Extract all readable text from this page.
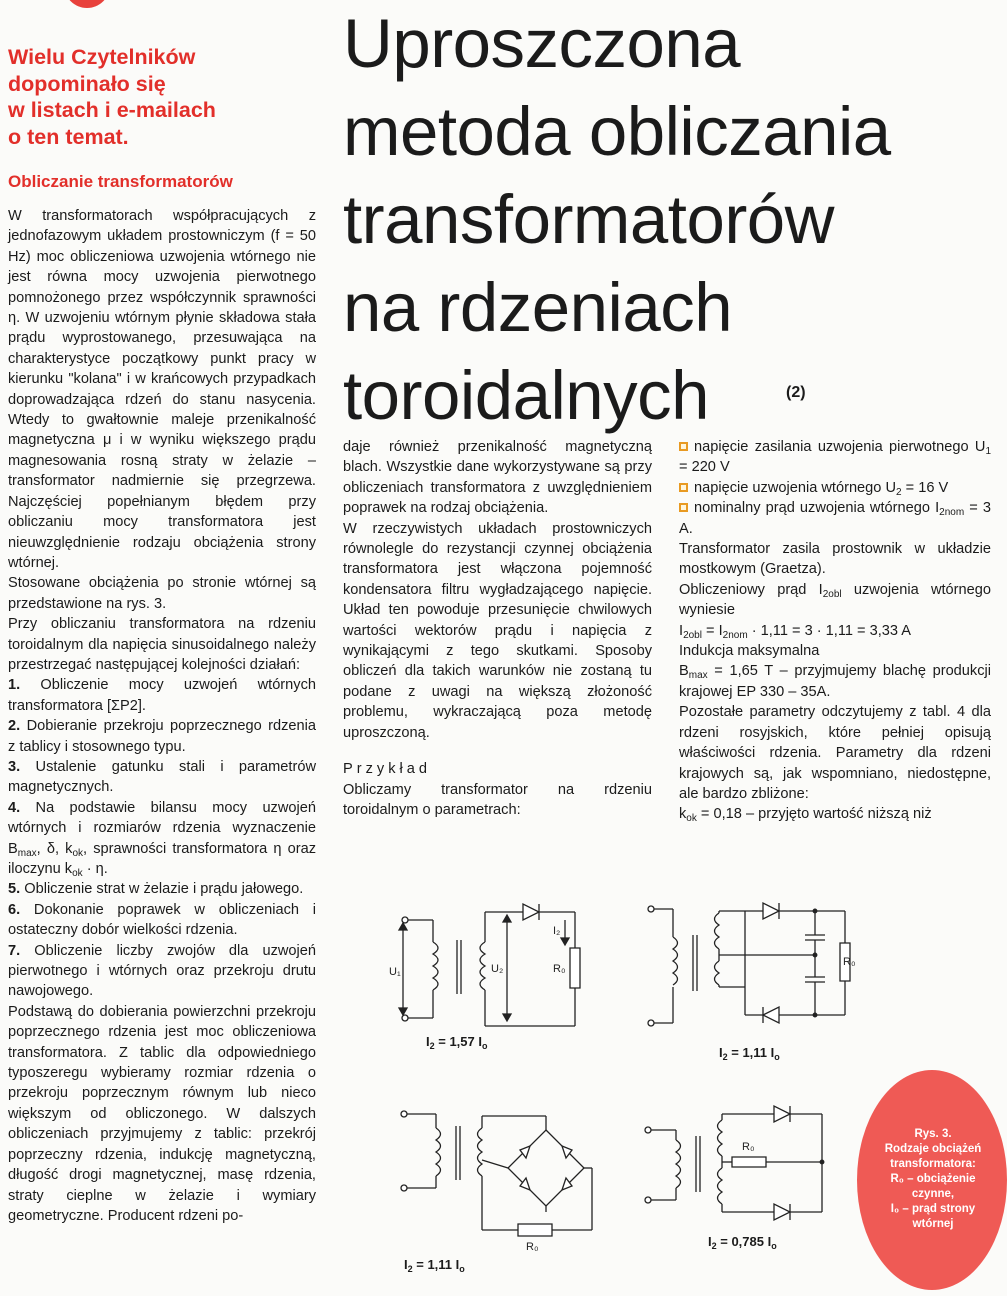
Wielu Czytelników
dopominało się
w listach i e-mailach
o ten temat.
Obliczanie transformatorów

W transformatorach współpracujących z jednofazowym układem prostowniczym (f = 50 Hz) moc obliczeniowa uzwojenia wtórnego nie jest równa mocy uzwojenia pierwotnego pomnożonego przez współczynnik sprawności η. W uzwojeniu wtórnym płynie składowa stała prądu wyprostowanego, przesuwająca na charakterystyce początkowy punkt pracy w kierunku "kolana" i w krańcowych przypadkach doprowadzająca rdzeń do stanu nasycenia. Wtedy to gwałtownie maleje przenikalność magnetyczna μ i w wyniku większego prądu magnesowania rosną straty w żelazie – transformator nadmiernie się przegrzewa. Najczęściej popełnianym błędem przy obliczaniu mocy transformatora jest nieuwzględnienie rodzaju obciążenia strony wtórnej.

Stosowane obciążenia po stronie wtórnej są przedstawione na rys. 3.

Przy obliczaniu transformatora na rdzeniu toroidalnym dla napięcia sinusoidalnego należy przestrzegać następującej kolejności działań:

1. Obliczenie mocy uzwojeń wtórnych transformatora [ΣP2].

2. Dobieranie przekroju poprzecznego rdzenia z tablicy i stosownego typu.

3. Ustalenie gatunku stali i parametrów magnetycznych.

4. Na podstawie bilansu mocy uzwojeń wtórnych i rozmiarów rdzenia wyznaczenie $B_{max}$, δ, $k_{ok}$, sprawności transformatora η oraz iloczynu $k_{ok} \cdot \eta$.

5. Obliczenie strat w żelazie i prądu jałowego.

6. Dokonanie poprawek w obliczeniach i ostateczny dobór wielkości rdzenia.

7. Obliczenie liczby zwojów dla uzwojeń pierwotnego i wtórnych oraz przekroju drutu nawojowego.

Podstawą do dobierania powierzchni przekroju poprzecznego rdzenia jest moc obliczeniowa transformatora. Z tablic dla odpowiedniego typoszeregu wybieramy rozmiar rdzenia o przekroju poprzecznym równym lub nieco większym od obliczonego. W dalszych obliczeniach przyjmujemy z tablic: przekrój poprzeczny rdzenia, indukcję magnetyczną, długość drogi magnetycznej, masę rdzenia, straty cieplne w żelazie i wymiary geometryczne. Producent rdzeni po-

Uproszczona
metoda obliczania
transformatorów
na rdzeniach
toroidalnych	(2)

daje również przenikalność magnetyczną blach. Wszystkie dane wykorzystywane są przy obliczeniach transformatora z uwzględnieniem poprawek na rodzaj obciążenia.

W rzeczywistych układach prostowniczych równolegle do rezystancji czynnej obciążenia transformatora jest włączona pojemność kondensatora filtru wygładzającego napięcie. Układ ten powoduje przesunięcie chwilowych wartości wektorów prądu i napięcia z wynikającymi z tego skutkami. Sposoby obliczeń dla takich warunków nie zostaną tu podane z uwagi na większą złożoność problemu, wykraczającą poza metodę uproszczoną.

Przykład

Obliczamy transformator na rdzeniu toroidalnym o parametrach:

napięcie zasilania uzwojenia pierwotnego $U_1 = 220$ V

napięcie uzwojenia wtórnego $U_2 = 16$ V

nominalny prąd uzwojenia wtórnego $I_{2nom} = 3$ A.

Transformator zasila prostownik w układzie mostkowym (Graetza).

Obliczeniowy prąd $I_{2obl}$ uzwojenia wtórnego wyniesie

$I_{2obl} = I_{2nom} \cdot 1,11 = 3 \cdot 1,11 = 3,33$ A

Indukcja maksymalna

$B_{max} = 1,65$ T – przyjmujemy blachę produkcji krajowej EP 330 – 35A.

Pozostałe parametry odczytujemy z tabl. 4 dla rdzeni rosyjskich, które pełniej opisują właściwości rdzenia. Parametry dla rdzeni krajowych są, jak wspomniano, niedostępne, ale bardzo zbliżone:

$k_{ok} = 0,18$ – przyjęto wartość niższą niż

U₁	U₂
I₂
R₀
$I_2 = 1,57$ $I_o$
R₀
$I_2 = 1,11$ $I_o$
R₀
$I_2 = 1,11$ $I_o$
R₀
$I_2 = 0,785$ $I_o$
Rys. 3.
Rodzaje obciążeń
transformatora:
R₀ – obciążenie
czynne,
I₀ – prąd strony
wtórnej
